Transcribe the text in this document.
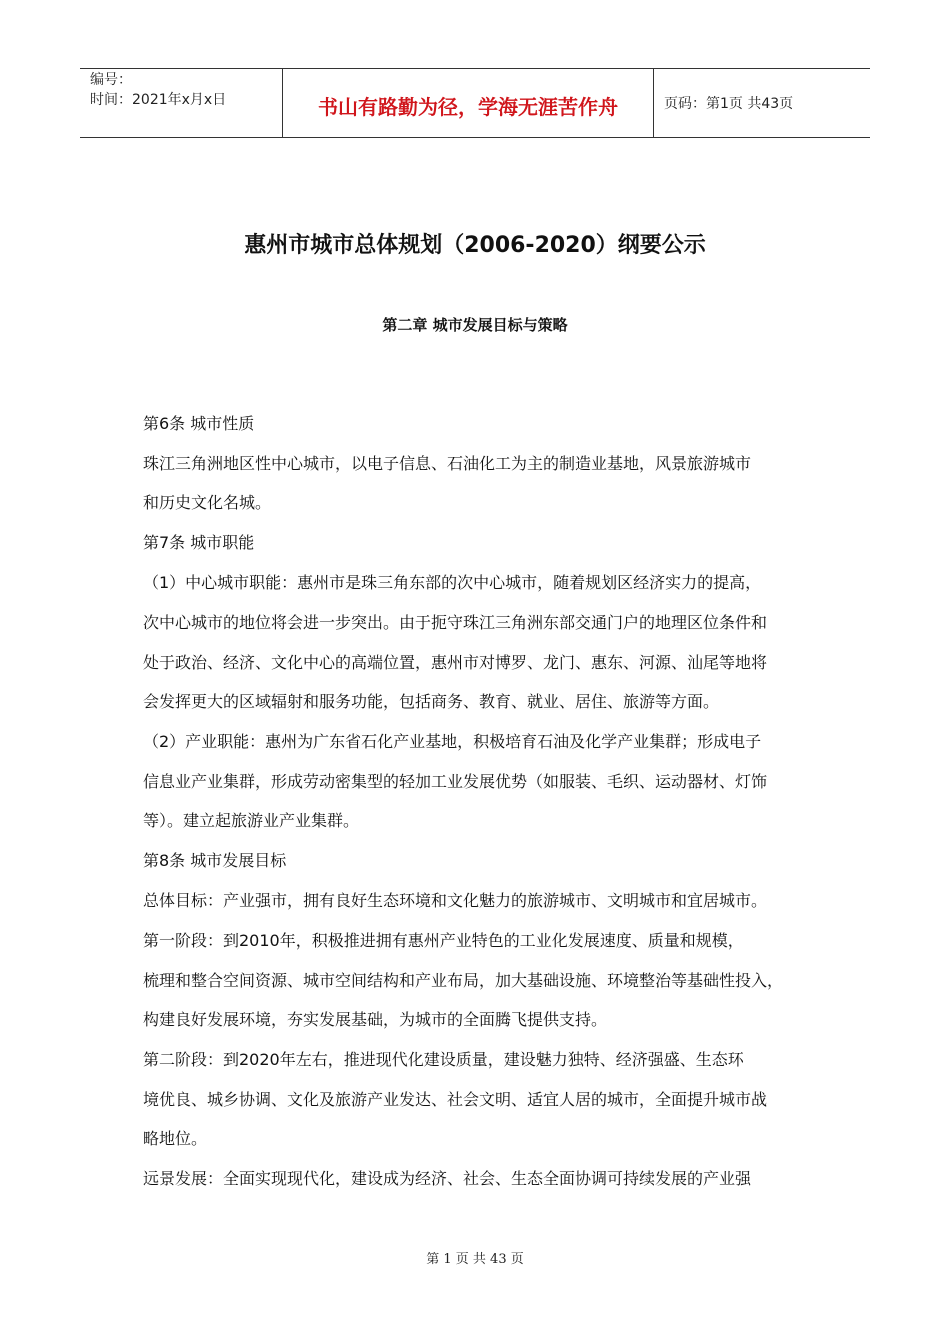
编号：
时间：2021年x月x日	书山有路勤为径，学海无涯苦作舟	页码：第1页 共43页
惠州市城市总体规划（2006-2020）纲要公示
第二章 城市发展目标与策略
第6条 城市性质
珠江三角洲地区性中心城市，以电子信息、石油化工为主的制造业基地，风景旅游城市
和历史文化名城。
第7条 城市职能
（1）中心城市职能：惠州市是珠三角东部的次中心城市，随着规划区经济实力的提高，
次中心城市的地位将会进一步突出。由于扼守珠江三角洲东部交通门户的地理区位条件和
处于政治、经济、文化中心的高端位置，惠州市对博罗、龙门、惠东、河源、汕尾等地将
会发挥更大的区域辐射和服务功能，包括商务、教育、就业、居住、旅游等方面。
（2）产业职能：惠州为广东省石化产业基地，积极培育石油及化学产业集群；形成电子
信息业产业集群，形成劳动密集型的轻加工业发展优势（如服装、毛织、运动器材、灯饰
等）。建立起旅游业产业集群。
第8条 城市发展目标
总体目标：产业强市，拥有良好生态环境和文化魅力的旅游城市、文明城市和宜居城市。
第一阶段：到2010年，积极推进拥有惠州产业特色的工业化发展速度、质量和规模，
梳理和整合空间资源、城市空间结构和产业布局，加大基础设施、环境整治等基础性投入，
构建良好发展环境，夯实发展基础，为城市的全面腾飞提供支持。
第二阶段：到2020年左右，推进现代化建设质量，建设魅力独特、经济强盛、生态环
境优良、城乡协调、文化及旅游产业发达、社会文明、适宜人居的城市，全面提升城市战
略地位。
远景发展：全面实现现代化，建设成为经济、社会、生态全面协调可持续发展的产业强
第 1 页 共 43 页
